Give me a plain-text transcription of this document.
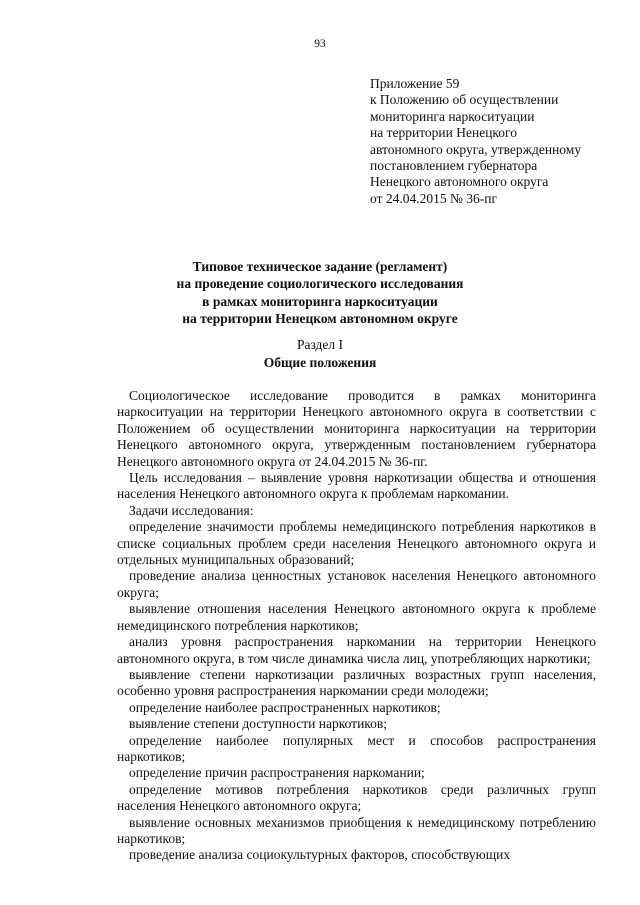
93
Приложение 59
к Положению об осуществлении
мониторинга наркоситуации
на территории Ненецкого
автономного округа, утвержденному
постановлением губернатора
Ненецкого автономного округа
от 24.04.2015 № 36-пг
Типовое техническое задание (регламент)
на проведение социологического исследования
в рамках мониторинга наркоситуации
на территории Ненецком автономном округе
Раздел I
Общие положения

Социологическое исследование проводится в рамках мониторинга наркоситуации на территории Ненецкого автономного округа в соответствии с Положением об осуществлении мониторинга наркоситуации на территории Ненецкого автономного округа, утвержденным постановлением губернатора Ненецкого автономного округа от 24.04.2015 № 36-пг.

Цель исследования – выявление уровня наркотизации общества и отношения населения Ненецкого автономного округа к проблемам наркомании.

Задачи исследования:

определение значимости проблемы немедицинского потребления наркотиков в списке социальных проблем среди населения Ненецкого автономного округа и отдельных муниципальных образований;

проведение анализа ценностных установок населения Ненецкого автономного округа;

выявление отношения населения Ненецкого автономного округа к проблеме немедицинского потребления наркотиков;

анализ уровня распространения наркомании на территории Ненецкого автономного округа, в том числе динамика числа лиц, употребляющих наркотики;

выявление степени наркотизации различных возрастных групп населения, особенно уровня распространения наркомании среди молодежи;

определение наиболее распространенных наркотиков;

выявление степени доступности наркотиков;

определение наиболее популярных мест и способов распространения наркотиков;

определение причин распространения наркомании;

определение мотивов потребления наркотиков среди различных групп населения Ненецкого автономного округа;

выявление основных механизмов приобщения к немедицинскому потреблению наркотиков;

проведение анализа социокультурных факторов, способствующих
